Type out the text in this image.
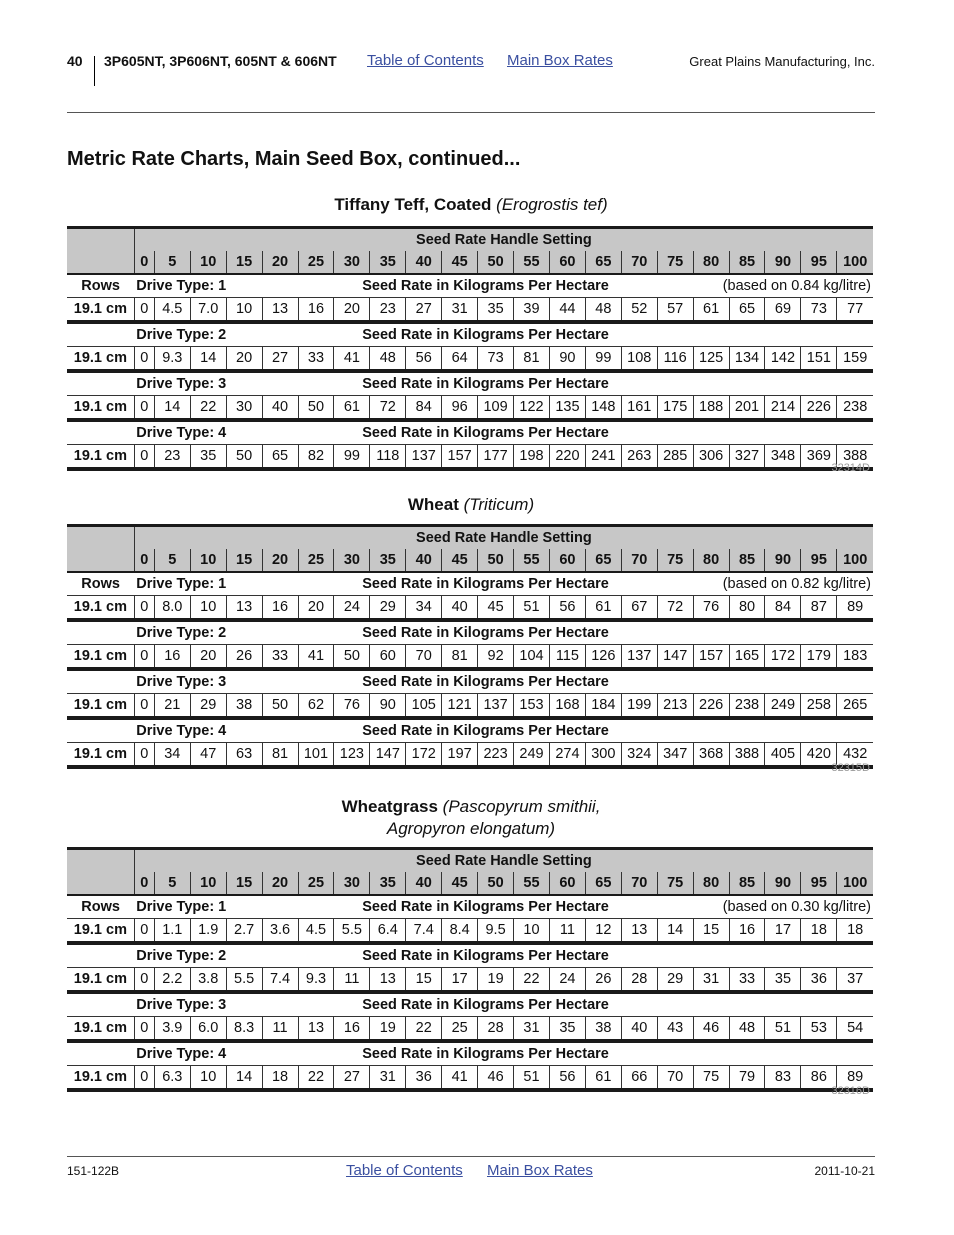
40 3P605NT, 3P606NT, 605NT & 606NT Table of Contents Main Box Rates	Great Plains Manufacturing, Inc.
Metric Rate Charts, Main Seed Box, continued...
Tiffany Teff, Coated (Erogrostis tef)

	Seed Rate Handle Setting																				
	0	5	10	15	20	25	30	35	40	45	50	55	60	65	70	75	80	85	90	95	100
Rows	Drive Type: 1 Seed Rate in Kilograms Per Hectare (based on 0.84 kg/litre)																				

19.1 cm	0	4.5	7.0	10	13	16	20	23	27	31	35	39	44	48	52	57	61	65	69	73	77

	Drive Type: 2 Seed Rate in Kilograms Per Hectare																				

19.1 cm	0	9.3	14	20	27	33	41	48	56	64	73	81	90	99	108	116	125	134	142	151	159

	Drive Type: 3 Seed Rate in Kilograms Per Hectare																				

19.1 cm	0	14	22	30	40	50	61	72	84	96	109	122	135	148	161	175	188	201	214	226	238

	Drive Type: 4 Seed Rate in Kilograms Per Hectare																				

19.1 cm	0	23	35	50	65	82	99	118	137	157	177	198	220	241	263	285	306	327	348	369	388
32314D
Wheat (Triticum)

	Seed Rate Handle Setting																				
	0	5	10	15	20	25	30	35	40	45	50	55	60	65	70	75	80	85	90	95	100
Rows	Drive Type: 1 Seed Rate in Kilograms Per Hectare (based on 0.82 kg/litre)																				

19.1 cm	0	8.0	10	13	16	20	24	29	34	40	45	51	56	61	67	72	76	80	84	87	89

	Drive Type: 2 Seed Rate in Kilograms Per Hectare																				

19.1 cm	0	16	20	26	33	41	50	60	70	81	92	104	115	126	137	147	157	165	172	179	183

	Drive Type: 3 Seed Rate in Kilograms Per Hectare																				

19.1 cm	0	21	29	38	50	62	76	90	105	121	137	153	168	184	199	213	226	238	249	258	265

	Drive Type: 4 Seed Rate in Kilograms Per Hectare																				

19.1 cm	0	34	47	63	81	101	123	147	172	197	223	249	274	300	324	347	368	388	405	420	432
32315D
Wheatgrass (Pascopyrum smithii,
Agropyron elongatum)

	Seed Rate Handle Setting																				
	0	5	10	15	20	25	30	35	40	45	50	55	60	65	70	75	80	85	90	95	100
Rows	Drive Type: 1 Seed Rate in Kilograms Per Hectare (based on 0.30 kg/litre)																				

19.1 cm	0	1.1	1.9	2.7	3.6	4.5	5.5	6.4	7.4	8.4	9.5	10	11	12	13	14	15	16	17	18	18

	Drive Type: 2 Seed Rate in Kilograms Per Hectare																				

19.1 cm	0	2.2	3.8	5.5	7.4	9.3	11	13	15	17	19	22	24	26	28	29	31	33	35	36	37

	Drive Type: 3 Seed Rate in Kilograms Per Hectare																				

19.1 cm	0	3.9	6.0	8.3	11	13	16	19	22	25	28	31	35	38	40	43	46	48	51	53	54

	Drive Type: 4 Seed Rate in Kilograms Per Hectare																				

19.1 cm	0	6.3	10	14	18	22	27	31	36	41	46	51	56	61	66	70	75	79	83	86	89
32316D
151-122B	Table of Contents Main Box Rates	2011-10-21
